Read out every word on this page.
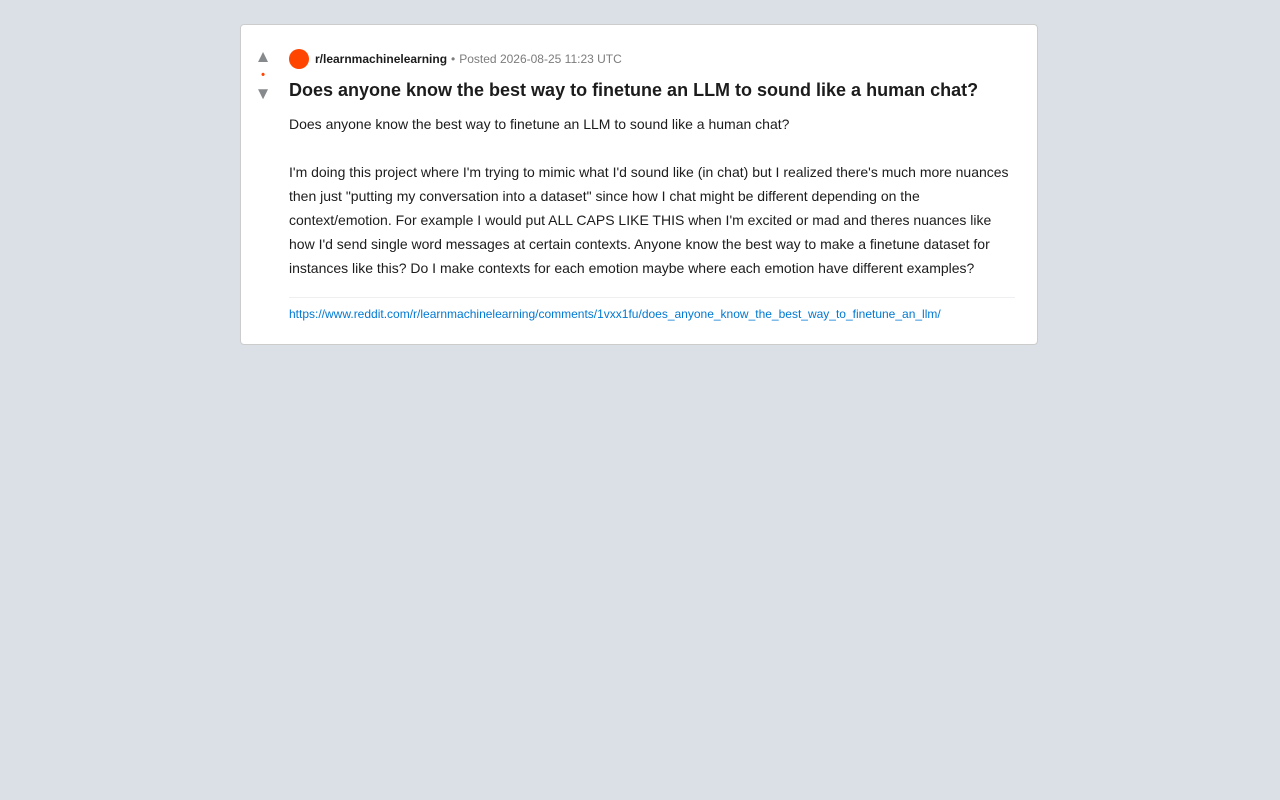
▲
•
▼
r/learnmachinelearning • Posted 2026-08-25 11:23 UTC
Does anyone know the best way to finetune an LLM to sound like a human chat?

Does anyone know the best way to finetune an LLM to sound like a human chat?

I'm doing this project where I'm trying to mimic what I'd sound like (in chat) but I realized there's much more nuances then just "putting my conversation into a dataset" since how I chat might be different depending on the context/emotion. For example I would put ALL CAPS LIKE THIS when I'm excited or mad and theres nuances like how I'd send single word messages at certain contexts. Anyone know the best way to make a finetune dataset for instances like this? Do I make contexts for each emotion maybe where each emotion have different examples?

https://www.reddit.com/r/learnmachinelearning/comments/1vxx1fu/does_anyone_know_the_best_way_to_finetune_an_llm/
